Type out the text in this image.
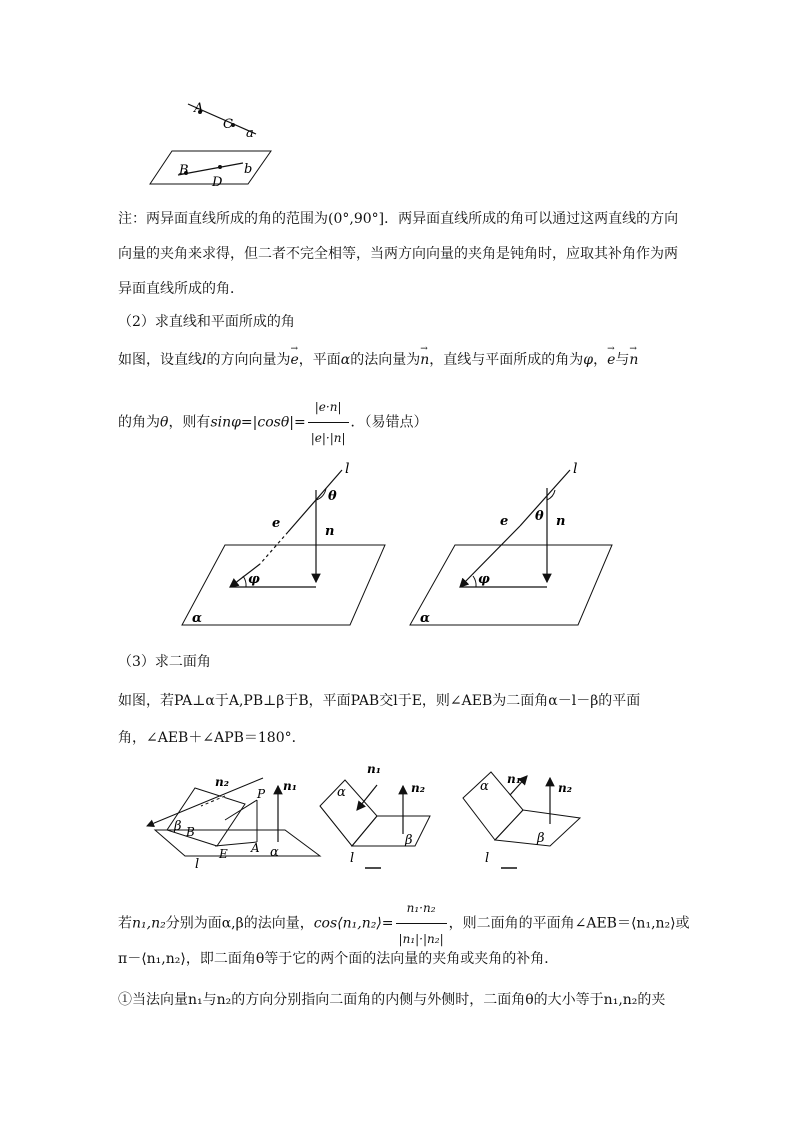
A
C
a
B
D
b
注：两异面直线所成的角的范围为(0°,90°]．两异面直线所成的角可以通过这两直线的方向
向量的夹角来求得，但二者不完全相等，当两方向向量的夹角是钝角时，应取其补角作为两
异面直线所成的角．
（2）求直线和平面所成的角
如图，设直线l的方向向量为→ e，平面α的法向量为→ n，直线与平面所成的角为φ，→ e与→ n
的角为θ，则有$\sin\varphi=|\cos\theta|= \frac{|e\cdot n|}{|e|\cdot|n|}$ ．（易错点）
l
θ
e
n
φ
α
l
θ
e	n
φ
α
（3）求二面角
如图，若PA⊥α于A,PB⊥β于B，平面PAB交l于E，则∠AEB为二面角α－l－β的平面
角，∠AEB＋∠APB＝180°．
n₂	n₁
P
β B
E A α
l
n₁
n₂
α
β
l
n₁
n₂
α
β
l
若n₁,n₂分别为面α,β的法向量，cos⟨n₁,n₂⟩= $\frac{\text{n₁·n₂}}{\text{|n₁|·|n₂|}}$ ，则二面角的平面角∠AEB＝⟨n₁,n₂⟩或
π－⟨n₁,n₂⟩，即二面角θ等于它的两个面的法向量的夹角或夹角的补角．
①当法向量n₁与n₂的方向分别指向二面角的内侧与外侧时，二面角θ的大小等于n₁,n₂的夹
